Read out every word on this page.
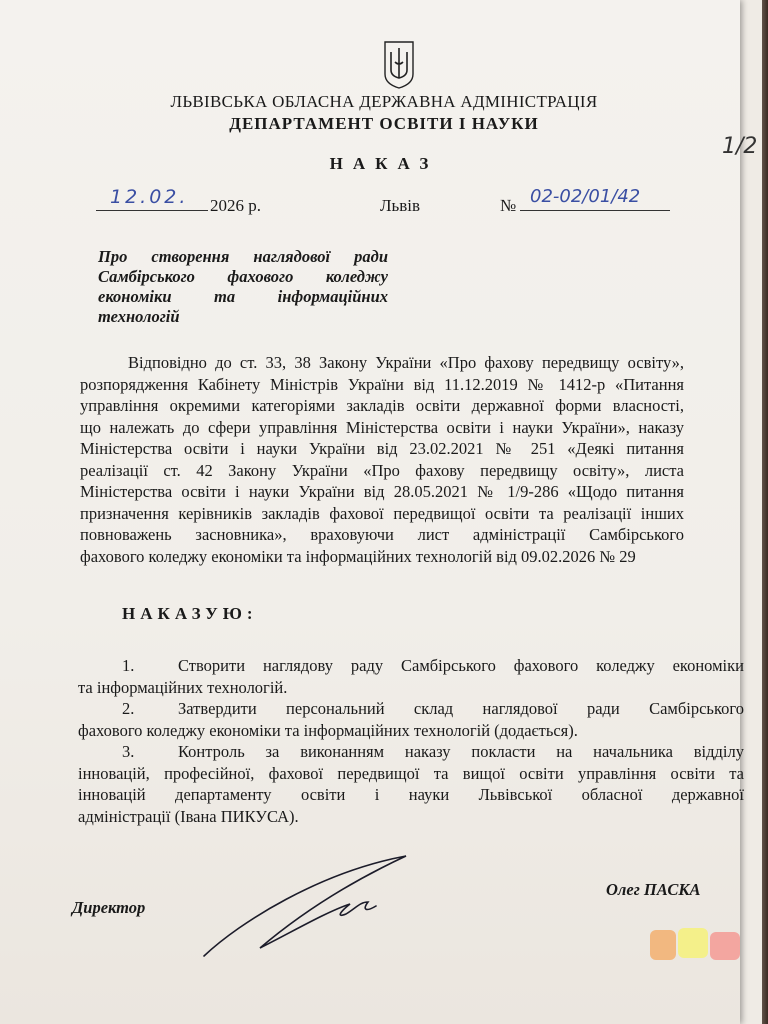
ЛЬВІВСЬКА ОБЛАСНА ДЕРЖАВНА АДМІНІСТРАЦІЯ
ДЕПАРТАМЕНТ ОСВІТИ І НАУКИ
НАКАЗ
12.02. 2026 р.	Львів	№ 02-02/01/42
Про створення наглядової ради
Самбірського фахового коледжу
економіки та інформаційних
технологій
Відповідно до ст. 33, 38 Закону України «Про фахову передвищу освіту»,
розпорядження Кабінету Міністрів України від 11.12.2019 № 1412-р «Питання
управління окремими категоріями закладів освіти державної форми власності,
що належать до сфери управління Міністерства освіти і науки України», наказу
Міністерства освіти і науки України від 23.02.2021 № 251 «Деякі питання
реалізації ст. 42 Закону України «Про фахову передвищу освіту», листа
Міністерства освіти і науки України від 28.05.2021 № 1/9-286 «Щодо питання
призначення керівників закладів фахової передвищої освіти та реалізації інших
повноважень засновника», враховуючи лист адміністрації Самбірського
фахового коледжу економіки та інформаційних технологій від 09.02.2026 № 29
НАКАЗУЮ:
1.	Створити наглядову раду Самбірського фахового коледжу економіки
та інформаційних технологій.
2.	Затвердити персональний склад наглядової ради Самбірського
фахового коледжу економіки та інформаційних технологій (додається).
3.	Контроль за виконанням наказу покласти на начальника відділу
інновацій, професійної, фахової передвищої та вищої освіти управління освіти та
інновацій департаменту освіти і науки Львівської обласної державної
адміністрації (Івана ПИКУСА).
Директор
Олег ПАСКА
1/2
